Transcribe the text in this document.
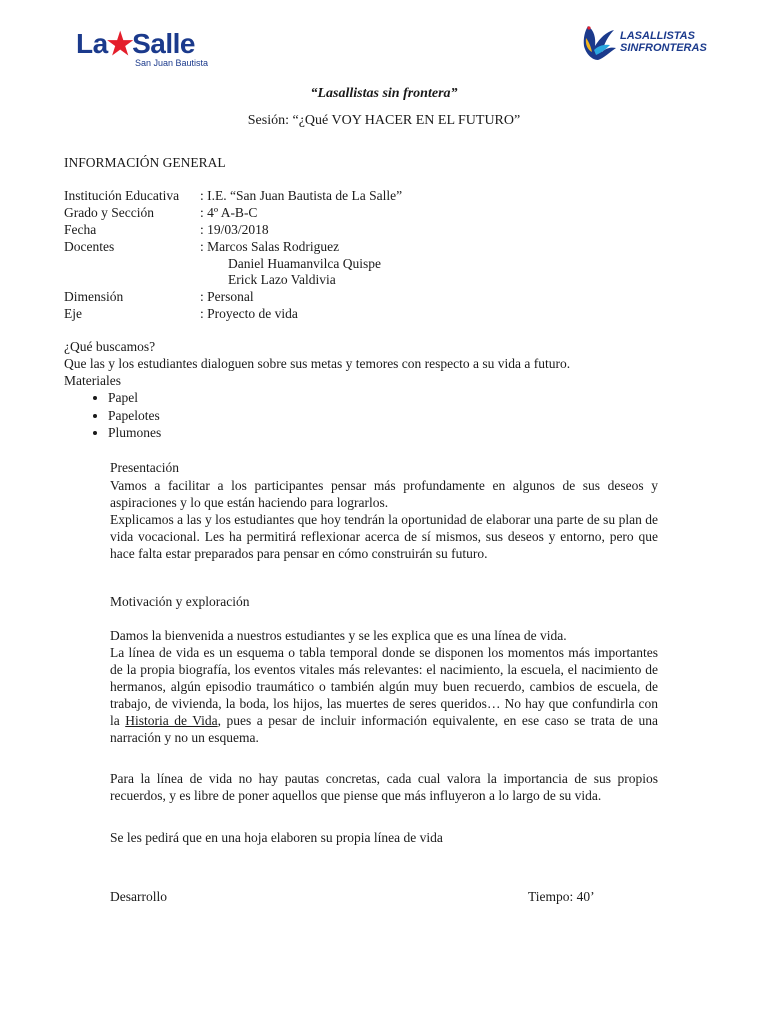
La★Salle
San Juan Bautista
LASALLISTAS
SINFRONTERAS
“Lasallistas sin frontera”
Sesión: “¿Qué VOY HACER EN EL FUTURO”
INFORMACIÓN GENERAL
Institución Educativa : I.E. “San Juan Bautista de La Salle”
Grado y Sección	: 4º A-B-C
Fecha	: 19/03/2018
Docentes	: Marcos Salas Rodriguez
Daniel Huamanvilca Quispe
Erick Lazo Valdivia
Dimensión	: Personal
Eje	: Proyecto de vida
¿Qué buscamos?
Que las y los estudiantes dialoguen sobre sus metas y temores con respecto a su vida a futuro.
Materiales
• Papel
• Papelotes
• Plumones
Presentación
Vamos a facilitar a los participantes pensar más profundamente en algunos de sus deseos y aspiraciones y lo que están haciendo para lograrlos.
Explicamos a las y los estudiantes que hoy tendrán la oportunidad de elaborar una parte de su plan de vida vocacional. Les ha permitirá reflexionar acerca de sí mismos, sus deseos y entorno, pero que hace falta estar preparados para pensar en cómo construirán su futuro.
Motivación y exploración
Damos la bienvenida a nuestros estudiantes y se les explica que es una línea de vida.
La línea de vida es un esquema o tabla temporal donde se disponen los momentos más importantes de la propia biografía, los eventos vitales más relevantes: el nacimiento, la escuela, el nacimiento de hermanos, algún episodio traumático o también algún muy buen recuerdo, cambios de escuela, de trabajo, de vivienda, la boda, los hijos, las muertes de seres queridos… No hay que confundirla con la Historia de Vida, pues a pesar de incluir información equivalente, en ese caso se trata de una narración y no un esquema.
Para la línea de vida no hay pautas concretas, cada cual valora la importancia de sus propios recuerdos, y es libre de poner aquellos que piense que más influyeron a lo largo de su vida.
Se les pedirá que en una hoja elaboren su propia línea de vida
Desarrollo	Tiempo: 40’
